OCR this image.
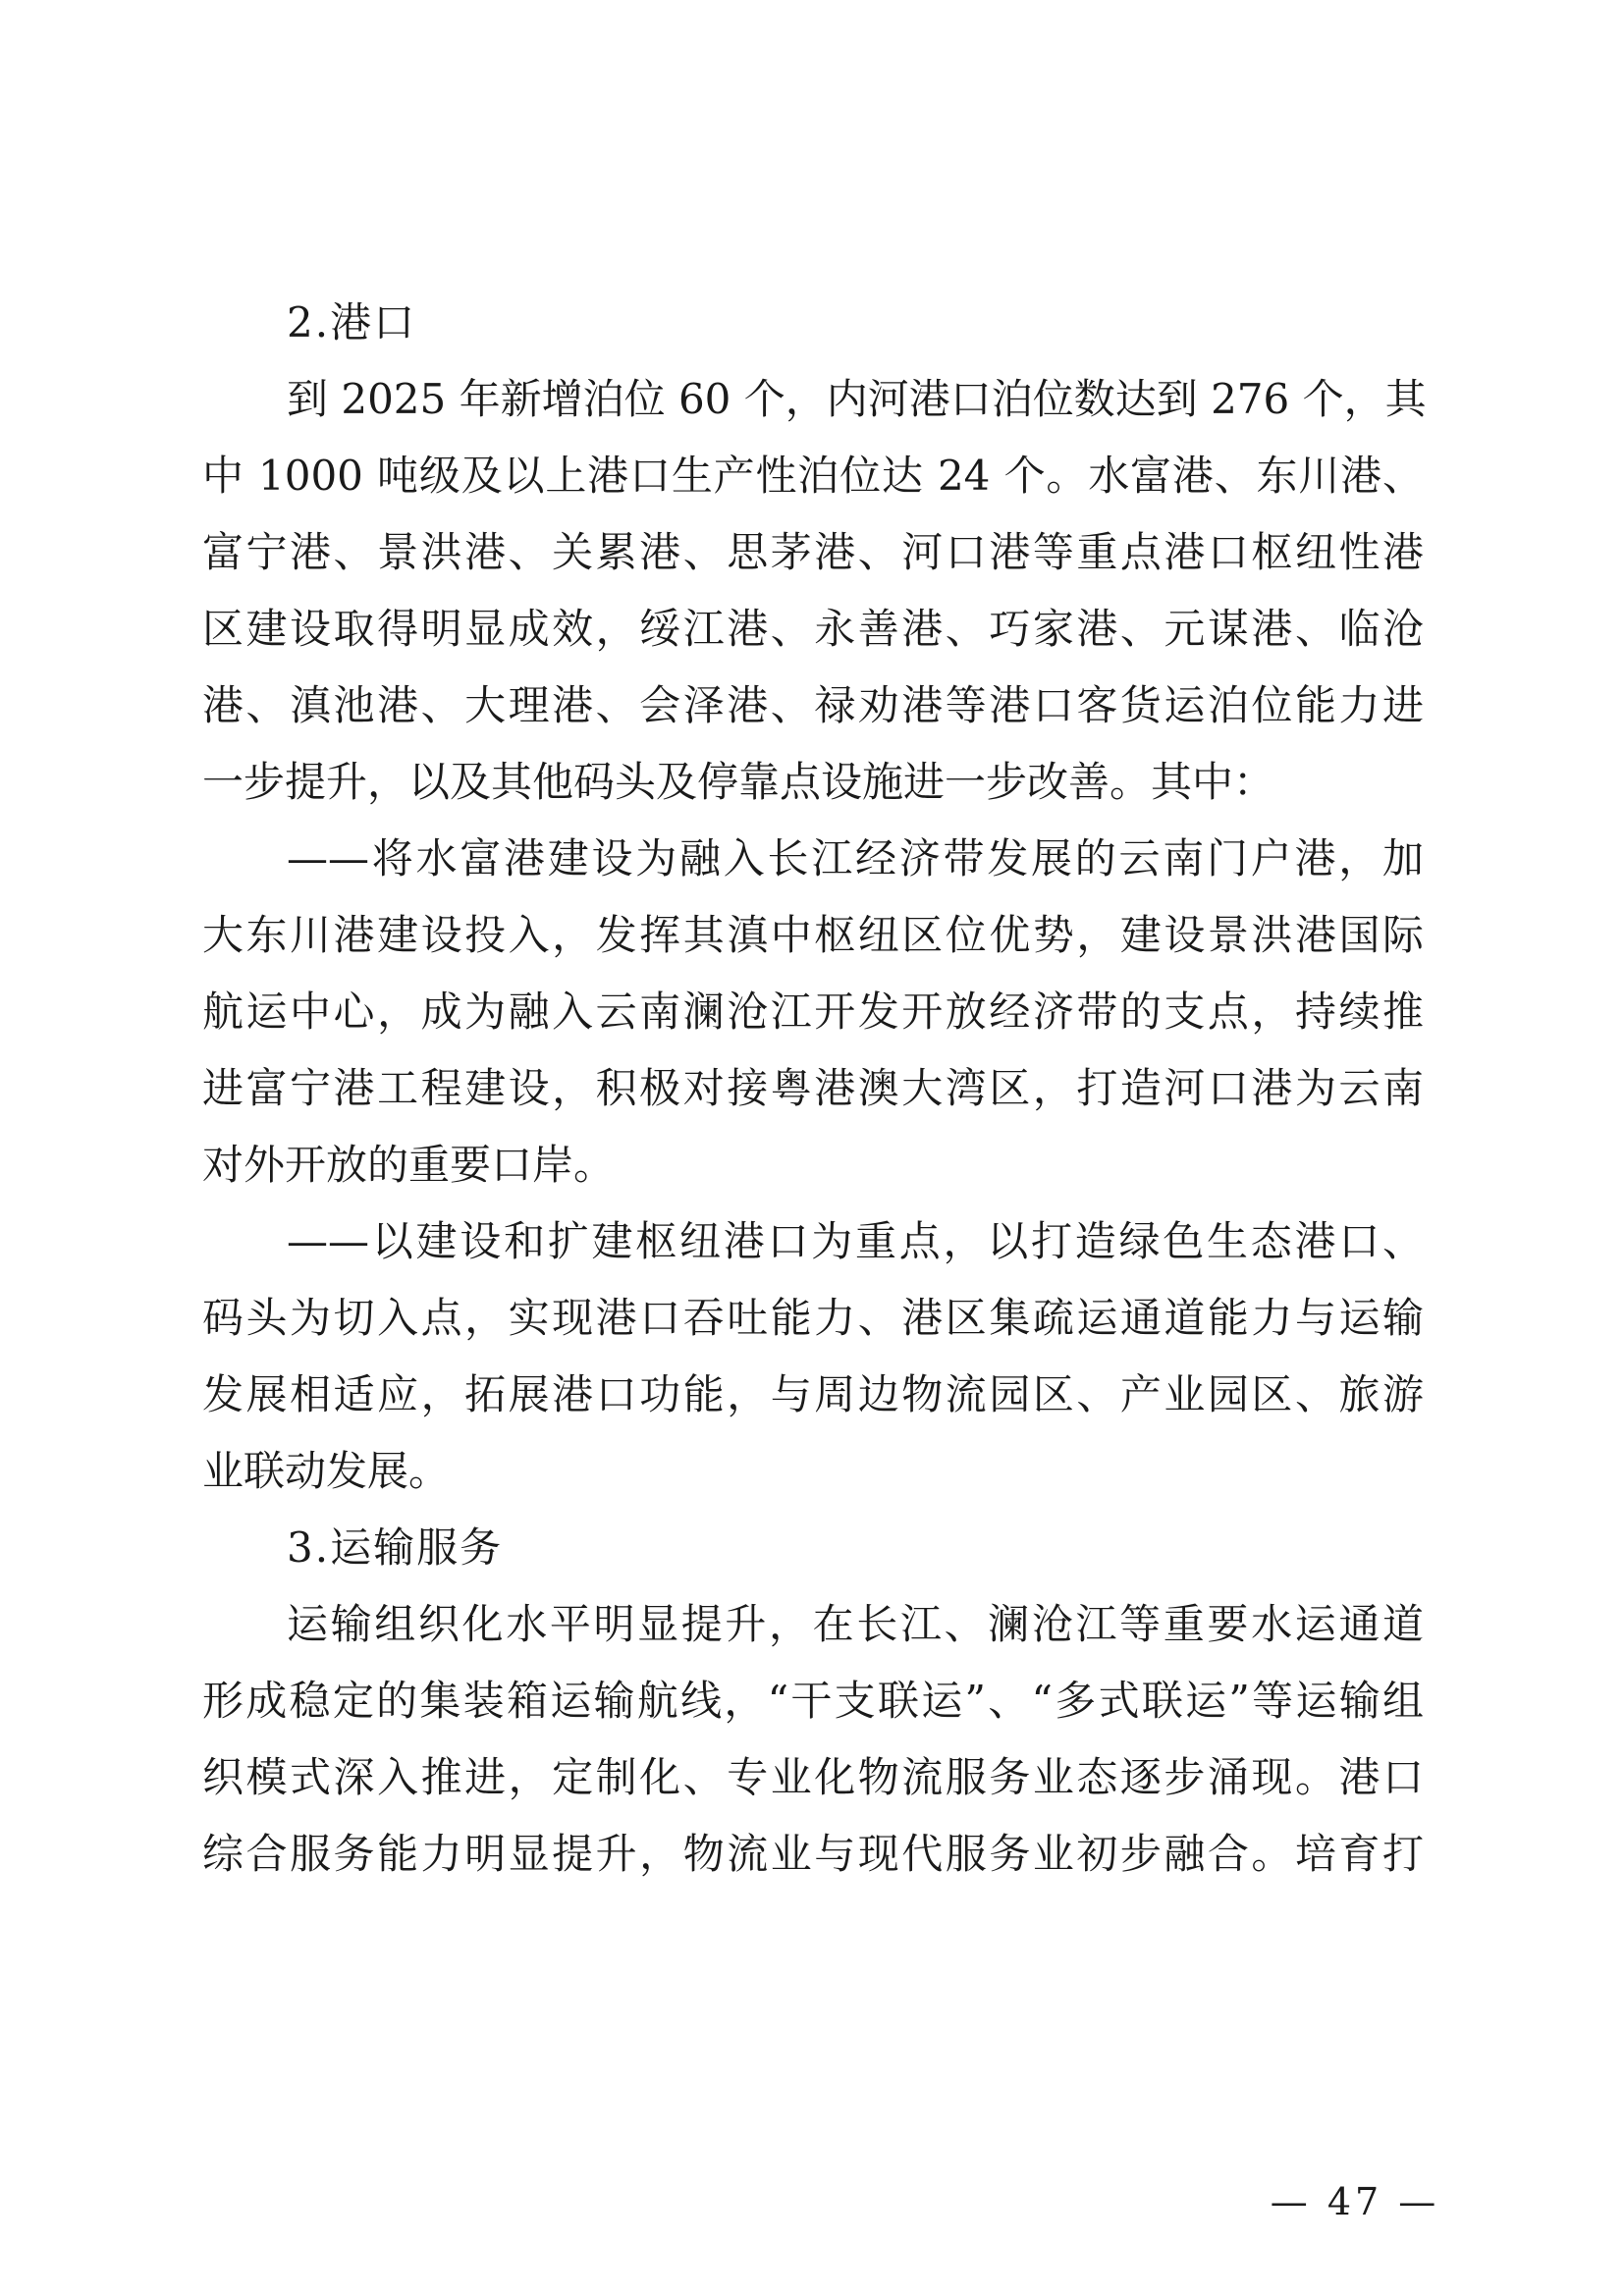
2.港口
到 2025 年新增泊位 60 个，内河港口泊位数达到 276 个，其
中 1000 吨级及以上港口生产性泊位达 24 个。水富港、东川港、
富宁港、景洪港、关累港、思茅港、河口港等重点港口枢纽性港
区建设取得明显成效，绥江港、永善港、巧家港、元谋港、临沧
港、滇池港、大理港、会泽港、禄劝港等港口客货运泊位能力进
一步提升，以及其他码头及停靠点设施进一步改善。其中：
——将水富港建设为融入长江经济带发展的云南门户港，加
大东川港建设投入，发挥其滇中枢纽区位优势，建设景洪港国际
航运中心，成为融入云南澜沧江开发开放经济带的支点，持续推
进富宁港工程建设，积极对接粤港澳大湾区，打造河口港为云南
对外开放的重要口岸。
——以建设和扩建枢纽港口为重点，以打造绿色生态港口、
码头为切入点，实现港口吞吐能力、港区集疏运通道能力与运输
发展相适应，拓展港口功能，与周边物流园区、产业园区、旅游
业联动发展。
3.运输服务
运输组织化水平明显提升，在长江、澜沧江等重要水运通道
形成稳定的集装箱运输航线，“干支联运”、“多式联运”等运输组
织模式深入推进，定制化、专业化物流服务业态逐步涌现。港口
综合服务能力明显提升，物流业与现代服务业初步融合。培育打
— 47 —
